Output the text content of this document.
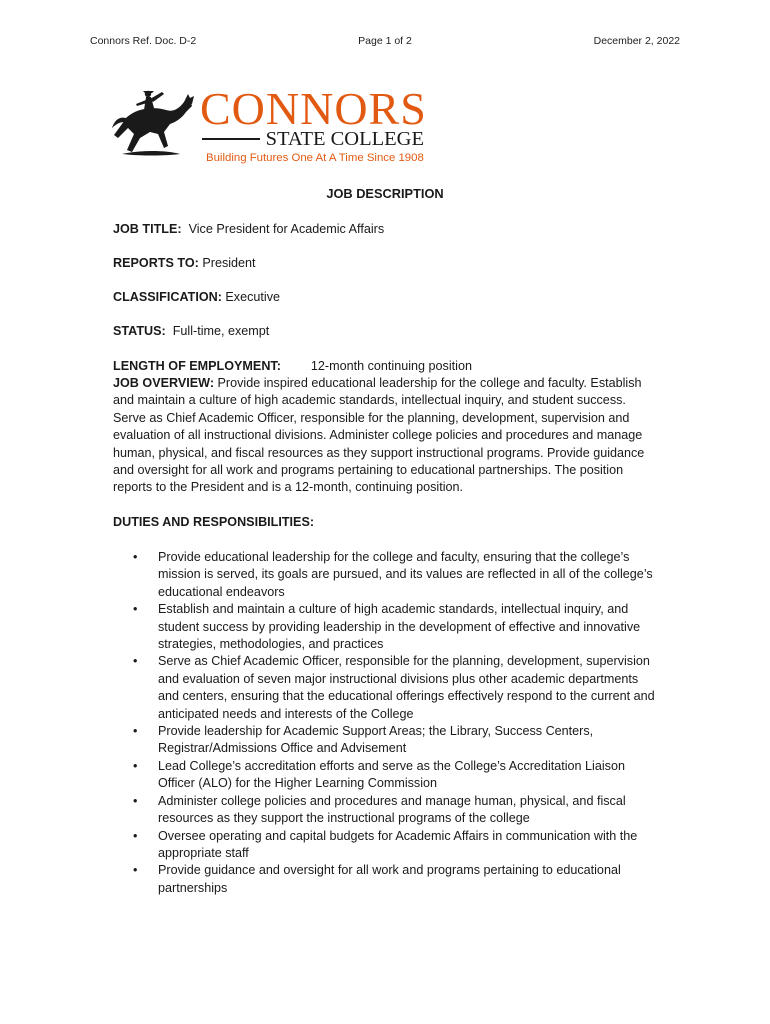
Connors Ref. Doc. D-2	Page 1 of 2	December 2, 2022
CONNORS
STATE COLLEGE
Building Futures One At A Time Since 1908
JOB DESCRIPTION
JOB TITLE: Vice President for Academic Affairs
REPORTS TO: President
CLASSIFICATION: Executive
STATUS: Full-time, exempt
LENGTH OF EMPLOYMENT: 12-month continuing position
JOB OVERVIEW: Provide inspired educational leadership for the college and faculty. Establish and maintain a culture of high academic standards, intellectual inquiry, and student success. Serve as Chief Academic Officer, responsible for the planning, development, supervision and evaluation of all instructional divisions. Administer college policies and procedures and manage human, physical, and fiscal resources as they support instructional programs. Provide guidance and oversight for all work and programs pertaining to educational partnerships. The position reports to the President and is a 12-month, continuing position.
DUTIES AND RESPONSIBILITIES:
• Provide educational leadership for the college and faculty, ensuring that the college’s mission is served, its goals are pursued, and its values are reflected in all of the college’s educational endeavors
• Establish and maintain a culture of high academic standards, intellectual inquiry, and student success by providing leadership in the development of effective and innovative strategies, methodologies, and practices
• Serve as Chief Academic Officer, responsible for the planning, development, supervision and evaluation of seven major instructional divisions plus other academic departments and centers, ensuring that the educational offerings effectively respond to the current and anticipated needs and interests of the College
• Provide leadership for Academic Support Areas; the Library, Success Centers, Registrar/Admissions Office and Advisement
• Lead College’s accreditation efforts and serve as the College’s Accreditation Liaison Officer (ALO) for the Higher Learning Commission
• Administer college policies and procedures and manage human, physical, and fiscal resources as they support the instructional programs of the college
• Oversee operating and capital budgets for Academic Affairs in communication with the appropriate staff
• Provide guidance and oversight for all work and programs pertaining to educational partnerships
